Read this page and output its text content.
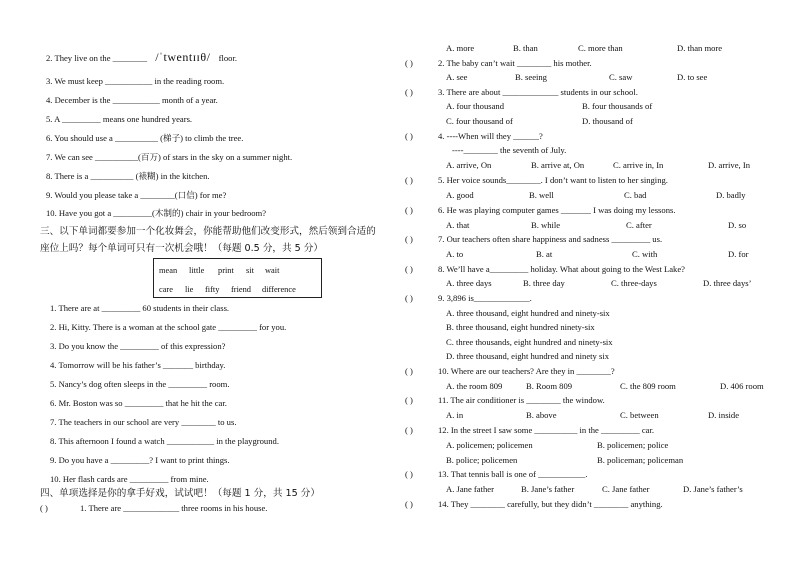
2. They live on the ________ /ˈtwentɪɪθ/ floor.
3. We must keep ___________ in the reading room.
4. December is the ___________ month of a year.
5. A _________ means one hundred years.
6. You should use a __________ (梯子) to climb the tree.
7. We can see __________(百万) of stars in the sky on a summer night.
8. There is a __________ (裱糊) in the kitchen.
9. Would you please take a ________(口信) for me?
10. Have you got a _________(木制的) chair in your bedroom?
三、以下单词都要参加一个化妆舞会，你能帮助他们改变形式，然后领到合适的
座位上吗？每个单词可只有一次机会哦！（每题 0.5 分，共 5 分）
mean little print sit wait
care lie fifty friend difference
1. There are at _________ 60 students in their class.
2. Hi, Kitty. There is a woman at the school gate _________ for you.
3. Do you know the _________ of this expression?
4. Tomorrow will be his father’s _______ birthday.
5. Nancy’s dog often sleeps in the _________ room.
6. Mr. Boston was so _________ that he hit the car.
7. The teachers in our school are very ________ to us.
8. This afternoon I found a watch ___________ in the playground.
9. Do you have a _________? I want to print things.
10. Her flash cards are _________ from mine.
四、单项选择是你的拿手好戏，试试吧！（每题 1 分，共 15 分）
( )	1. There are _____________ three rooms in his house.
A. more	B. than	C. more than	D. than more
( )	2. The baby can’t wait ________ his mother.
A. see	B. seeing	C. saw	D. to see
( )	3. There are about _____________ students in our school.
A. four thousand	B. four thousands of
C. four thousand of	D. thousand of
( )	4. ----When will they ______?
----________ the seventh of July.
A. arrive, On	B. arrive at, On	C. arrive in, In	D. arrive, In
( )	5. Her voice sounds________. I don’t want to listen to her singing.
A. good	B. well	C. bad	D. badly
( )	6. He was playing computer games _______ I was doing my lessons.
A. that	B. while	C. after	D. so
( )	7. Our teachers often share happiness and sadness _________ us.
A. to	B. at	C. with	D. for
( )	8. We’ll have a_________ holiday. What about going to the West Lake?
A. three days	B. three day	C. three-days	D. three days’
( )	9. 3,896 is_____________.
A. three thousand, eight hundred and ninety-six
B. three thousand, eight hundred ninety-six
C. three thousands, eight hundred and ninety-six
D. three thousand, eight hundred and ninety six
( )	10. Where are our teachers? Are they in ________?
A. the room 809	B. Room 809	C. the 809 room	D. 406 room
( )	11. The air conditioner is ________ the window.
A. in	B. above	C. between	D. inside
( )	12. In the street I saw some __________ in the _________ car.
A. policemen; policemen	B. policemen; police
B. police; policemen	B. policeman; policeman
( )	13. That tennis ball is one of ___________.
A. Jane father	B. Jane’s father	C. Jane father	D. Jane’s father’s
( )	14. They ________ carefully, but they didn’t ________ anything.
